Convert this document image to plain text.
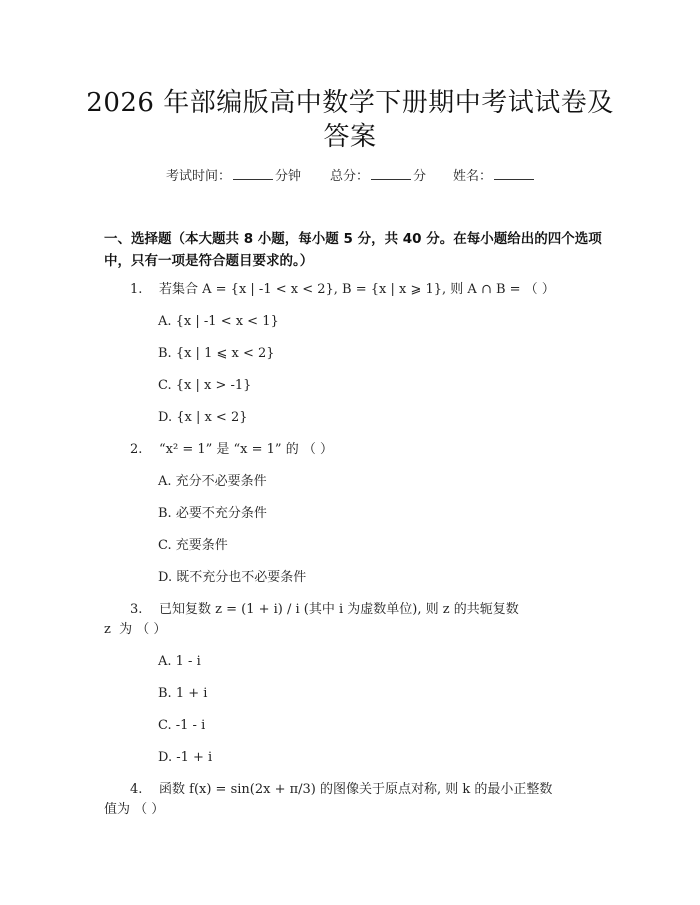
2026 年部编版高中数学下册期中考试试卷及
答案
考试时间：	分钟 总分：	分 姓名：
一、选择题（本大题共 8 小题，每小题 5 分，共 40 分。在每小题给出的四个选项
中，只有一项是符合题目要求的。）
1. 若集合 A = {x | -1 < x < 2}, B = {x | x ⩾ 1}, 则 A ∩ B = （ ）
A. {x | -1 < x < 1}
B. {x | 1 ⩽ x < 2}
C. {x | x > -1}
D. {x | x < 2}
2. “x² = 1” 是 “x = 1” 的 （ ）
A. 充分不必要条件
B. 必要不充分条件
C. 充要条件
D. 既不充分也不必要条件
3. 已知复数 z = (1 + i) / i (其中 i 为虚数单位), 则 z 的共轭复数
z  为 （ ）
A. 1 - i
B. 1 + i
C. -1 - i
D. -1 + i
4. 函数 f(x) = sin(2x + π/3) 的图像关于原点对称, 则 k 的最小正整数
值为 （ ）
